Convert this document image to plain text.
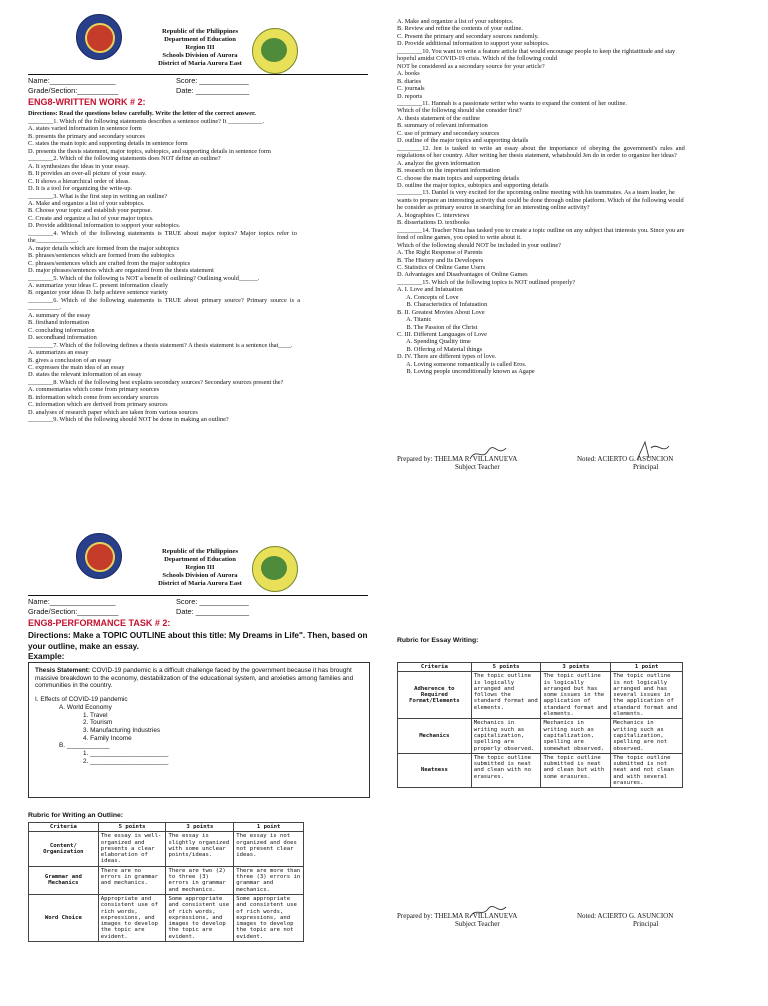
Republic of the Philippines
Department of Education
Region III
Schools Division of Aurora
District of Maria Aurora East
Name:________________	Score: ____________
Grade/Section:__________	Date: _____________
ENG8-WRITTEN WORK # 2:
Directions: Read the questions below carefully. Write the letter of the correct answer.
________1. Which of the following statements describes a sentence outline? It ___________.
A. states varied information in sentence form
B. presents the primary and secondary sources
C. states the main topic and supporting details in sentence form
D. presents the thesis statement, major topics, subtopics, and supporting details in sentence form
________2. Which of the following statements does NOT define an outline?
A. It synthesizes the ideas in your essay.
B. It provides an over-all picture of your essay.
C. It shows a hierarchical order of ideas.
D. It is a tool for organizing the write-up.
________3. What is the first step in writing an outline?
A. Make and organize a list of your subtopics.
B. Choose your topic and establish your purpose.
C. Create and organize a list of your major topics.
D. Provide additional information to support your subtopics.
________4.  Which  of  the  following  statements  is  TRUE  about  major  topics?  Major  topics  refer  to
the_____________.
A. major details which are formed from the major subtopics
B. phrases/sentences which are formed from the subtopics
C. phrases/sentences which are crafted from the major subtopics
D. major phrases/sentences which are organized from the thesis statement
________5. Which of the following is NOT a benefit of outlining? Outlining would______.
A. summarize your ideas C. present information clearly
B. organize your ideas D. help achieve sentence variety
________6.  Which  of  the  following  statements  is  TRUE  about  primary  source?  Primary  source  is  a
__________.
A. summary of the essay
B. firsthand information
C. concluding information
D. secondhand information
________7. Which of the following defines a thesis statement? A thesis statement is a sentence that____.
A. summarizes an essay
B. gives a conclusion of an essay
C. expresses the main idea of an essay
D. states the relevant information of an essay
________8. Which of the following best explains secondary sources? Secondary sources present the?
A. commentaries which come from primary sources
B. information which come from secondary sources
C. information which are derived from primary sources
D. analyses of research paper which are taken from various sources
________9. Which of the following should NOT be done in making an outline?
A. Make and organize a list of your subtopics.
B. Review and refine the contents of your outline.
C. Present the primary and secondary sources randomly.
D. Provide additional information to support your subtopics.
________10. You want to write a feature article that would encourage people to keep the rightattitude and stay
hopeful amidst COVID-19 crisis. Which of the following could
NOT be considered as a secondary source for your article?
A. books
B. diaries
C. journals
D. reports
________11. Hannah is a passionate writer who wants to expand the content of her outline.
Which of the following should she consider first?
A. thesis statement of the outline
B. summary of relevant information
C. use of primary and secondary sources
D. outline of the major topics and supporting details
________12.  Jen  is  tasked  to  write  an  essay  about  the  importance  of  obeying  the  government's  rules  and
regulations of her country. After writing her thesis statement, whatshould Jen do in order to organize her ideas?
A. analyze the given information
B. research on the important information
C. choose the main topics and supporting details
D. outline the major topics, subtopics and supporting details
________13. Daniel is very excited for the upcoming online meeting with his teammates. As a team leader, he
wants to prepare an interesting activity that could be done through online platform. Which of the following would
he consider as primary source in searching for an interesting online activity?
A. biographies C. interviews
B. dissertations D. textbooks
________14. Teacher Nina has tasked you to create a topic outline on any subject that interests you. Since you are
fond of online games, you opted to write about it.
Which of the following should NOT be included in your outline?
A. The Right Response of Parents
B. The History and Its Developers
C. Statistics of Online Game Users
D. Advantages and Disadvantages of Online Games
________15. Which of the following topics is NOT outlined properly?
A. I. Love and Infatuation
A. Concepts of Love
B. Characteristics of Infatuation
B. II. Greatest Movies About Love
A. Titanic
B. The Passion of the Christ
C. III. Different Languages of Love
A. Spending Quality time
B. Offering of Material things
D. IV. There are different types of love.
A. Loving someone romantically is called Eros.
B. Loving people unconditionally known as Agape
Prepared by: THELMA R. VILLANUEVA
Subject Teacher
Noted: ACIERTO G. ASUNCION
Principal
Republic of the Philippines
Department of Education
Region III
Schools Division of Aurora
District of Maria Aurora East
Name:________________	Score: ____________
Grade/Section:__________	Date: _____________
ENG8-PERFORMANCE TASK # 2:
Directions: Make a TOPIC OUTLINE about this title: My Dreams in Life". Then, based on your outline, make an essay.
Example:
Thesis Statement: COVID-19 pandemic is a difficult challenge faced by the government because it has brought massive breakdown to the economy, destabilization of the educational system, and anxieties among families and communities in the country.
I. Effects of COVID-19 pandemic
A. World Economy
1. Travel
2. Tourism
3. Manufacturing Industries
4. Family Income
B. ____________
1. ______________________
2. ______________________
Rubric for Writing an Outline:
Criteria	5 points	3 points	1 point
Content/ Organization	The essay is well-organized and presents a clear elaboration of ideas.	The essay is slightly organized with some unclear points/ideas.	The essay is not organized and does not present clear ideas.
Grammar and Mechanics	There are no errors in grammar and mechanics.	There are two (2) to three (3) errors in grammar and mechanics.	There are more than three (3) errors in grammar and mechanics.
Word Choice	Appropriate and consistent use of rich words, expressions, and images to develop the topic are evident.	Some appropriate and consistent use of rich words, expressions, and images to develop the topic are evident.	Some appropriate and consistent use of rich words, expressions, and images to develop the topic are not evident.
Rubric for Essay Writing:
Criteria	5 points	3 points	1 point
Adherence to Required Format/Elements	The topic outline is logically arranged and follows the standard format and elements.	The topic outline is logically arranged but has some issues in the application of standard format and elements.	The topic outline is not logically arranged and has several issues in the application of standard format and elements.
Mechanics	Mechanics in writing such as capitalization, spelling are properly observed.	Mechanics in writing such as capitalization, spelling are somewhat observed.	Mechanics in writing such as capitalization, spelling are not observed.
Neatness	The topic outline submitted is neat and clean with no erasures.	The topic outline submitted is neat and clean but with some erasures.	The topic outline submitted is not neat and not clean and with several erasures.
Prepared by: THELMA R. VILLANUEVA
Subject Teacher
Noted: ACIERTO G. ASUNCION
Principal
